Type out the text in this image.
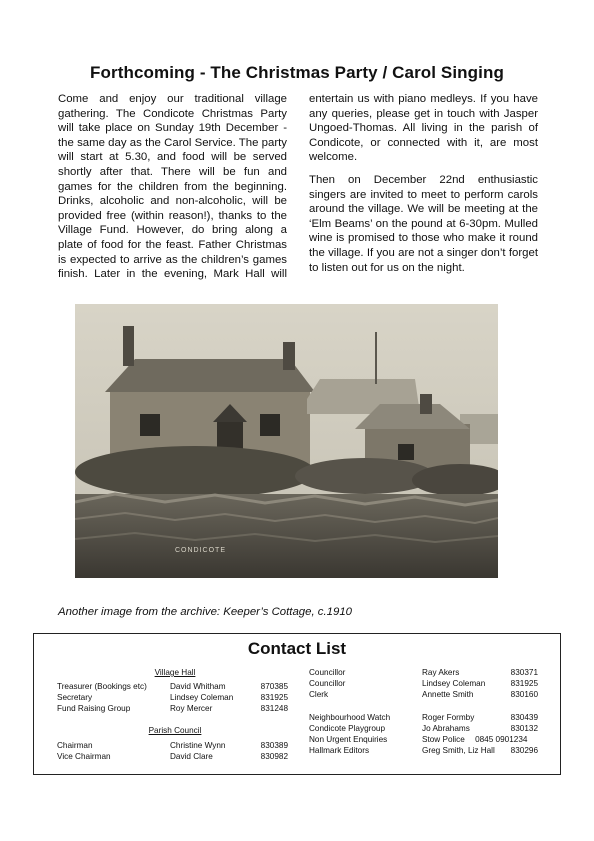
Forthcoming - The Christmas Party / Carol Singing

Come and enjoy our traditional village gathering. The Condicote Christmas Party will take place on Sunday 19th December - the same day as the Carol Service. The party will start at 5.30, and food will be served shortly after that. There will be fun and games for the children from the beginning. Drinks, alcoholic and non-alcoholic, will be provided free (within reason!), thanks to the Village Fund. However, do bring along a plate of food for the feast. Father Christmas is expected to arrive as the children’s games finish. Later in the evening, Mark Hall will entertain us with piano medleys. If you have any queries, please get in touch with Jasper Ungoed-Thomas. All living in the parish of Condicote, or connected with it, are most welcome.

Then on December 22nd enthusiastic singers are invited to meet to perform carols around the village. We will be meeting at the ‘Elm Beams’ on the pound at 6-30pm. Mulled wine is promised to those who make it round the village. If you are not a singer don’t forget to listen out for us on the night.

CONDICOTE
Another image from the archive: Keeper’s Cottage, c.1910
Contact List
Village Hall
Treasurer (Bookings etc)	David Whitham	870385
Secretary	Lindsey Coleman	831925
Fund Raising Group	Roy Mercer	831248
Parish Council
Chairman	Christine Wynn	830389
Vice Chairman	David Clare	830982
Councillor	Ray Akers	830371
Councillor	Lindsey Coleman	831925
Clerk	Annette Smith	830160
Neighbourhood Watch	Roger Formby	830439
Condicote Playgroup	Jo Abrahams	830132
Non Urgent Enquiries	Stow Police 0845 0901234
Hallmark Editors	Greg Smith, Liz Hall	830296
